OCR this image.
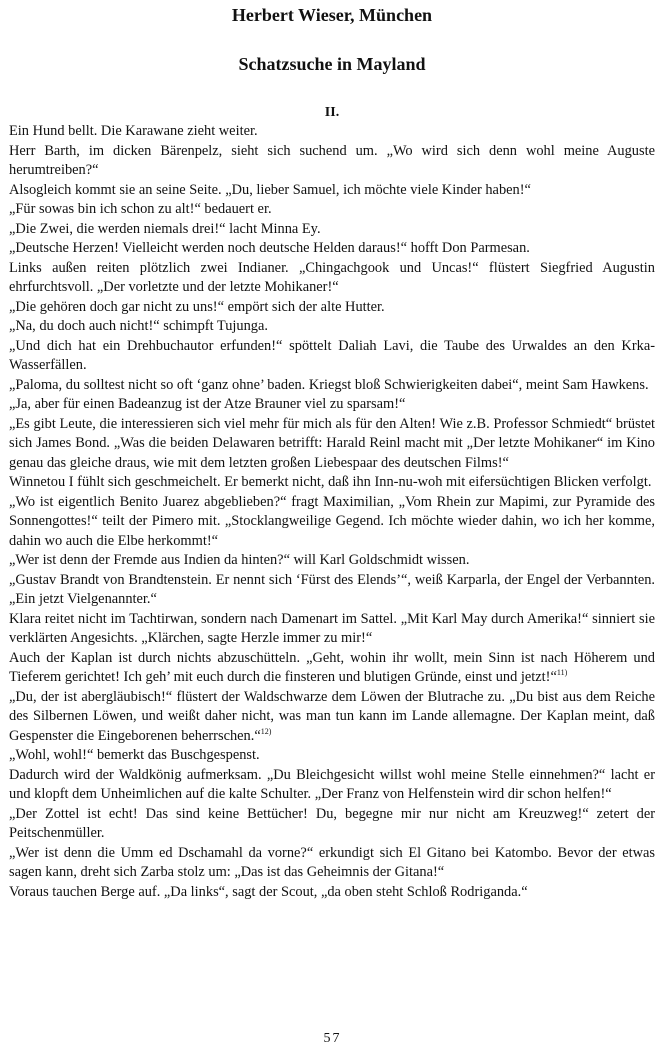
Herbert Wieser, München
Schatzsuche in Mayland
II.

Ein Hund bellt. Die Karawane zieht weiter.

Herr Barth, im dicken Bärenpelz, sieht sich suchend um. „Wo wird sich denn wohl meine Auguste herumtreiben?“

Alsogleich kommt sie an seine Seite. „Du, lieber Samuel, ich möchte viele Kinder haben!“

„Für sowas bin ich schon zu alt!“ bedauert er.

„Die Zwei, die werden niemals drei!“ lacht Minna Ey.

„Deutsche Herzen! Vielleicht werden noch deutsche Helden daraus!“ hofft Don Parmesan.

Links außen reiten plötzlich zwei Indianer. „Chingachgook und Uncas!“ flüstert Siegfried Augustin ehrfurchtsvoll. „Der vorletzte und der letzte Mohikaner!“

„Die gehören doch gar nicht zu uns!“ empört sich der alte Hutter.

„Na, du doch auch nicht!“ schimpft Tujunga.

„Und dich hat ein Drehbuchautor erfunden!“ spöttelt Daliah Lavi, die Taube des Urwaldes an den Krka-Wasserfällen.

„Paloma, du solltest nicht so oft ‘ganz ohne’ baden. Kriegst bloß Schwierigkeiten dabei“, meint Sam Hawkens.

„Ja, aber für einen Badeanzug ist der Atze Brauner viel zu sparsam!“

„Es gibt Leute, die interessieren sich viel mehr für mich als für den Alten! Wie z.B. Professor Schmiedt“ brüstet sich James Bond. „Was die beiden Delawaren betrifft: Harald Reinl macht mit „Der letzte Mohikaner“ im Kino genau das gleiche draus, wie mit dem letzten großen Liebespaar des deutschen Films!“

Winnetou I fühlt sich geschmeichelt. Er bemerkt nicht, daß ihn Inn-nu-woh mit eifersüchtigen Blicken verfolgt.

„Wo ist eigentlich Benito Juarez abgeblieben?“ fragt Maximilian, „Vom Rhein zur Mapimi, zur Pyramide des Sonnengottes!“ teilt der Pimero mit. „Stocklangweilige Gegend. Ich möchte wieder dahin, wo ich her komme, dahin wo auch die Elbe herkommt!“

„Wer ist denn der Fremde aus Indien da hinten?“ will Karl Goldschmidt wissen.

„Gustav Brandt von Brandtenstein. Er nennt sich ‘Fürst des Elends’“, weiß Karparla, der Engel der Verbannten. „Ein jetzt Vielgenannter.“

Klara reitet nicht im Tachtirwan, sondern nach Damenart im Sattel. „Mit Karl May durch Amerika!“ sinniert sie verklärten Angesichts. „Klärchen, sagte Herzle immer zu mir!“

Auch der Kaplan ist durch nichts abzuschütteln. „Geht, wohin ihr wollt, mein Sinn ist nach Höherem und Tieferem gerichtet! Ich geh’ mit euch durch die finsteren und blutigen Gründe, einst und jetzt!“$^{11)}$

„Du, der ist abergläubisch!“ flüstert der Waldschwarze dem Löwen der Blutrache zu. „Du bist aus dem Reiche des Silbernen Löwen, und weißt daher nicht, was man tun kann im Lande allemagne. Der Kaplan meint, daß Gespenster die Eingeborenen beherrschen.“$^{12)}$

„Wohl, wohl!“ bemerkt das Buschgespenst.

Dadurch wird der Waldkönig aufmerksam. „Du Bleichgesicht willst wohl meine Stelle einnehmen?“ lacht er und klopft dem Unheimlichen auf die kalte Schulter. „Der Franz von Helfenstein wird dir schon helfen!“

„Der Zottel ist echt! Das sind keine Bettücher! Du, begegne mir nur nicht am Kreuzweg!“ zetert der Peitschenmüller.

„Wer ist denn die Umm ed Dschamahl da vorne?“ erkundigt sich El Gitano bei Katombo. Bevor der etwas sagen kann, dreht sich Zarba stolz um: „Das ist das Geheimnis der Gitana!“

Voraus tauchen Berge auf. „Da links“, sagt der Scout, „da oben steht Schloß Rodriganda.“

57
